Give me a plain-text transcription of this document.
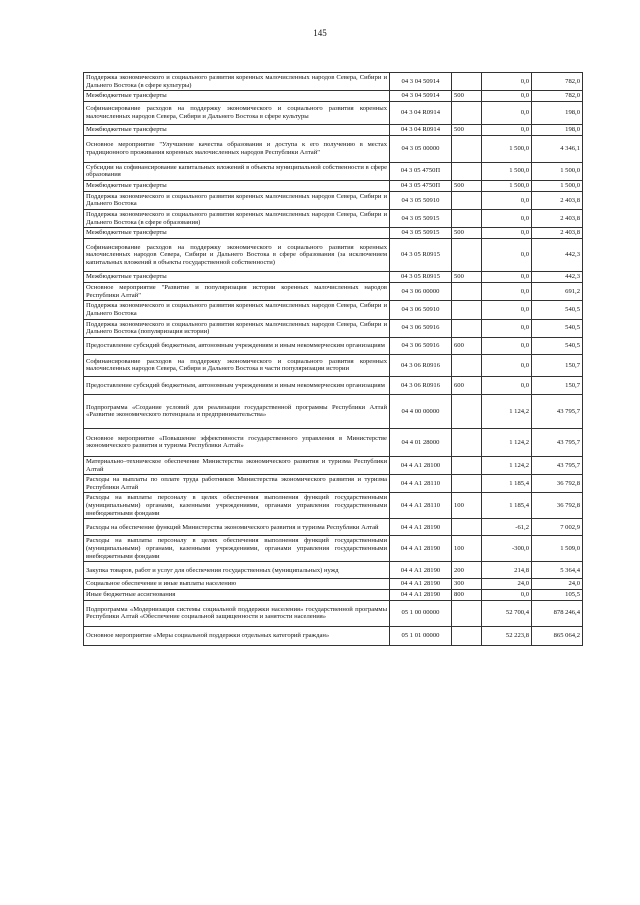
145
Поддержка экономического и социального развития коренных малочисленных народов Севера, Сибири и Дальнего Востока (в сфере культуры)	04 3 04 50914		0,0	782,0
Межбюджетные трансферты	04 3 04 50914	500	0,0	782,0
Софинансирование расходов на поддержку экономического и социального развития коренных малочисленных народов Севера, Сибири и Дальнего Востока в сфере культуры	04 3 04 R0914		0,0	198,0
Межбюджетные трансферты	04 3 04 R0914	500	0,0	198,0
Основное мероприятие "Улучшение качества образования и доступа к его получению в местах традиционного проживания коренных малочисленных народов Республики Алтай"	04 3 05 00000		1 500,0	4 346,1
Субсидии на софинансирование капитальных вложений в объекты муниципальной собственности в сфере образования	04 3 05 4750П		1 500,0	1 500,0
Межбюджетные трансферты	04 3 05 4750П	500	1 500,0	1 500,0
Поддержка экономического и социального развития коренных малочисленных народов Севера, Сибири и Дальнего Востока	04 3 05 50910		0,0	2 403,8
Поддержка экономического и социального развития коренных малочисленных народов Севера, Сибири и Дальнего Востока (в сфере образования)	04 3 05 50915		0,0	2 403,8
Межбюджетные трансферты	04 3 05 50915	500	0,0	2 403,8
Софинансирование расходов на поддержку экономического и социального развития коренных малочисленных народов Севера, Сибири и Дальнего Востока в сфере образования (за исключением капитальных вложений в объекты государственной собственности)	04 3 05 R0915		0,0	442,3
Межбюджетные трансферты	04 3 05 R0915	500	0,0	442,3
Основное мероприятие "Развитие и популяризация истории коренных малочисленных народов Республики Алтай"	04 3 06 00000		0,0	691,2
Поддержка экономического и социального развития коренных малочисленных народов Севера, Сибири и Дальнего Востока	04 3 06 50910		0,0	540,5
Поддержка экономического и социального развития коренных малочисленных народов Севера, Сибири и Дальнего Востока (популяризация истории)	04 3 06 50916		0,0	540,5
Предоставление субсидий бюджетным, автономным учреждениям и иным некоммерческим организациям	04 3 06 50916	600	0,0	540,5
Софинансирование расходов на поддержку экономического и социального развития коренных малочисленных народов Севера, Сибири и Дальнего Востока в части популяризации истории	04 3 06 R0916		0,0	150,7
Предоставление субсидий бюджетным, автономным учреждениям и иным некоммерческим организациям	04 3 06 R0916	600	0,0	150,7
Подпрограмма «Создание условий для реализации государственной программы Республики Алтай «Развитие экономического потенциала и предпринимательства»	04 4 00 00000		1 124,2	43 795,7
Основное мероприятие «Повышение эффективности государственного управления в Министерстве экономического развития и туризма Республики Алтай»	04 4 01 28000		1 124,2	43 795,7
Материально–техническое обеспечение Министерства экономического развития и туризма Республики Алтай	04 4 А1 28100		1 124,2	43 795,7
Расходы на выплаты по оплате труда работников Министерства экономического развития и туризма Республики Алтай	04 4 А1 28110		1 185,4	36 792,8
Расходы на выплаты персоналу в целях обеспечения выполнения функций государственными (муниципальными) органами, казенными учреждениями, органами управления государственными внебюджетными фондами	04 4 А1 28110	100	1 185,4	36 792,8
Расходы на обеспечение функций Министерства экономического развития и туризма Республики Алтай	04 4 А1 28190		-61,2	7 002,9
Расходы на выплаты персоналу в целях обеспечения выполнения функций государственными (муниципальными) органами, казенными учреждениями, органами управления государственными внебюджетными фондами	04 4 А1 28190	100	-300,0	1 509,0
Закупка товаров, работ и услуг для обеспечения государственных (муниципальных) нужд	04 4 А1 28190	200	214,8	5 364,4
Социальное обеспечение и иные выплаты населению	04 4 А1 28190	300	24,0	24,0
Иные бюджетные ассигнования	04 4 А1 28190	800	0,0	105,5
Подпрограмма «Модернизация системы социальной поддержки населения» государственной программы Республики Алтай «Обеспечение социальной защищенности и занятости населения»	05 1 00 00000		52 700,4	878 246,4
Основное мероприятие «Меры социальной поддержки отдельных категорий граждан»	05 1 01 00000		52 223,8	865 064,2
